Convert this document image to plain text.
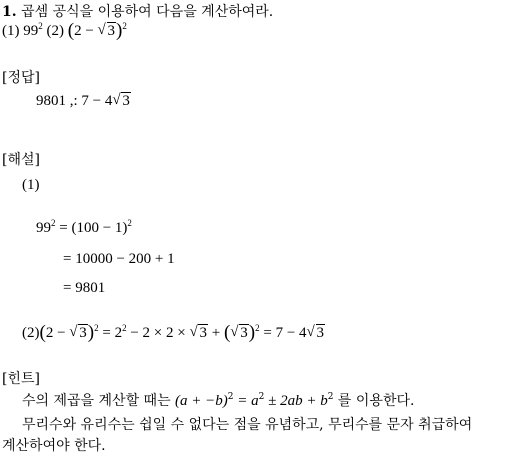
1. 곱셈 공식을 이용하여 다음을 계산하여라.
(1) $99^2$ (2) (2 − √ 3)$^2$
[정답]
9801 ,: 7 − 4 √ 3
[해설]
(1)
$99^2 = (100 - 1)^2$
= 10000 − 200 + 1
= 9801
(2)(2 − √ $3)^2 = 2^2 - 2 \times 2$ × √ 3 + ( √ 3)$^2$ = 7 − 4 √ 3
[힌트]
수의 제곱을 계산할 때는 $(a + -b)^2 = a^2 \pm 2ab + b^2$ 를 이용한다.
무리수와 유리수는 쉽일 수 없다는 점을 유념하고, 무리수를 문자 취급하여
계산하여야 한다.
